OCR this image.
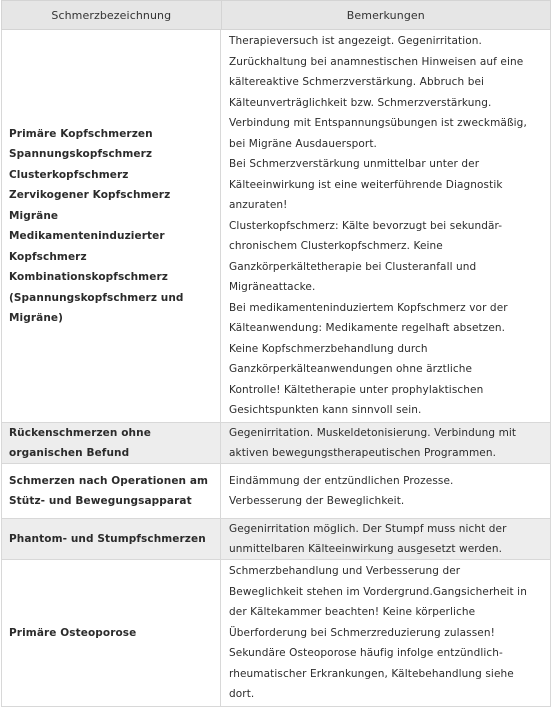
Schmerzbezeichnung	Bemerkungen
Primäre Kopfschmerzen
Spannungskopfschmerz
Clusterkopfschmerz
Zervikogener Kopfschmerz
Migräne
Medikamenteninduzierter
Kopfschmerz
Kombinationskopfschmerz
(Spannungskopfschmerz und
Migräne)
Therapieversuch ist angezeigt. Gegenirritation.
Zurückhaltung bei anamnestischen Hinweisen auf eine
kältereaktive Schmerzverstärkung. Abbruch bei
Kälteunverträglichkeit bzw. Schmerzverstärkung.
Verbindung mit Entspannungsübungen ist zweckmäßig,
bei Migräne Ausdauersport.
Bei Schmerzverstärkung unmittelbar unter der
Kälteeinwirkung ist eine weiterführende Diagnostik
anzuraten!
Clusterkopfschmerz: Kälte bevorzugt bei sekundär-
chronischem Clusterkopfschmerz. Keine
Ganzkörperkältetherapie bei Clusteranfall und
Migräneattacke.
Bei medikamenteninduziertem Kopfschmerz vor der
Kälteanwendung: Medikamente regelhaft absetzen.
Keine Kopfschmerzbehandlung durch
Ganzkörperkälteanwendungen ohne ärztliche
Kontrolle! Kältetherapie unter prophylaktischen
Gesichtspunkten kann sinnvoll sein.
Rückenschmerzen ohne
organischen Befund
Gegenirritation. Muskeldetonisierung. Verbindung mit
aktiven bewegungstherapeutischen Programmen.
Schmerzen nach Operationen am
Stütz- und Bewegungsapparat
Eindämmung der entzündlichen Prozesse.
Verbesserung der Beweglichkeit.
Phantom- und Stumpfschmerzen
Gegenirritation möglich. Der Stumpf muss nicht der
unmittelbaren Kälteeinwirkung ausgesetzt werden.
Primäre Osteoporose
Schmerzbehandlung und Verbesserung der
Beweglichkeit stehen im Vordergrund.Gangsicherheit in
der Kältekammer beachten! Keine körperliche
Überforderung bei Schmerzreduzierung zulassen!
Sekundäre Osteoporose häufig infolge entzündlich-
rheumatischer Erkrankungen, Kältebehandlung siehe
dort.
